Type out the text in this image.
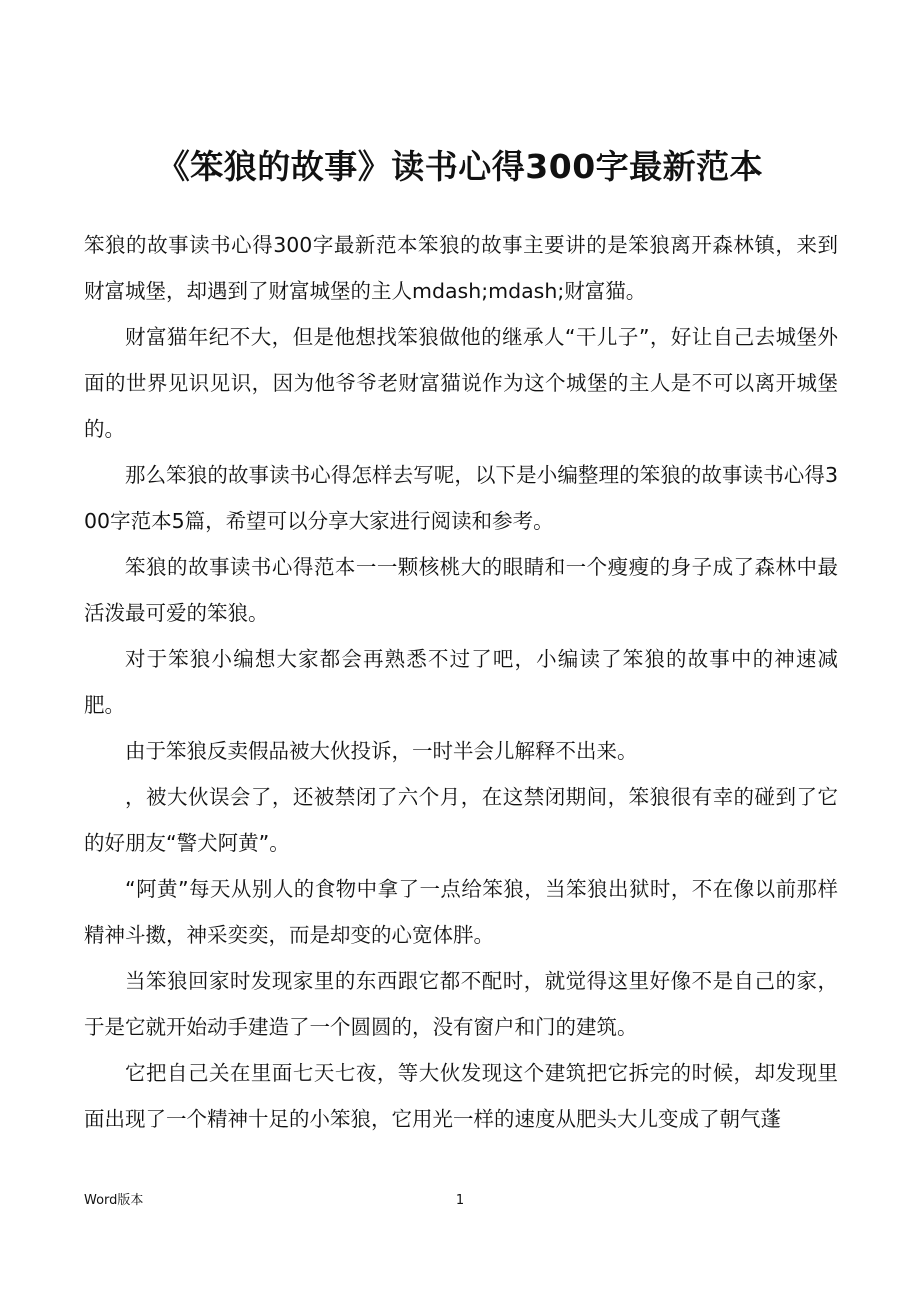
《笨狼的故事》读书心得300字最新范本

笨狼的故事读书心得300字最新范本笨狼的故事主要讲的是笨狼离开森林镇，来到财富城堡，却遇到了财富城堡的主人mdash;mdash;财富猫。

财富猫年纪不大，但是他想找笨狼做他的继承人“干儿子”，好让自己去城堡外面的世界见识见识，因为他爷爷老财富猫说作为这个城堡的主人是不可以离开城堡的。

那么笨狼的故事读书心得怎样去写呢，以下是小编整理的笨狼的故事读书心得300字范本5篇，希望可以分享大家进行阅读和参考。

笨狼的故事读书心得范本一一颗核桃大的眼睛和一个瘦瘦的身子成了森林中最活泼最可爱的笨狼。

对于笨狼小编想大家都会再熟悉不过了吧，小编读了笨狼的故事中的神速减肥。

由于笨狼反卖假品被大伙投诉，一时半会儿解释不出来。

，被大伙误会了，还被禁闭了六个月，在这禁闭期间，笨狼很有幸的碰到了它的好朋友“警犬阿黄”。

“阿黄”每天从别人的食物中拿了一点给笨狼，当笨狼出狱时，不在像以前那样精神斗擞，神采奕奕，而是却变的心宽体胖。

当笨狼回家时发现家里的东西跟它都不配时，就觉得这里好像不是自己的家，于是它就开始动手建造了一个圆圆的，没有窗户和门的建筑。

它把自己关在里面七天七夜，等大伙发现这个建筑把它拆完的时候，却发现里面出现了一个精神十足的小笨狼，它用光一样的速度从肥头大儿变成了朝气蓬

Word版本	1
